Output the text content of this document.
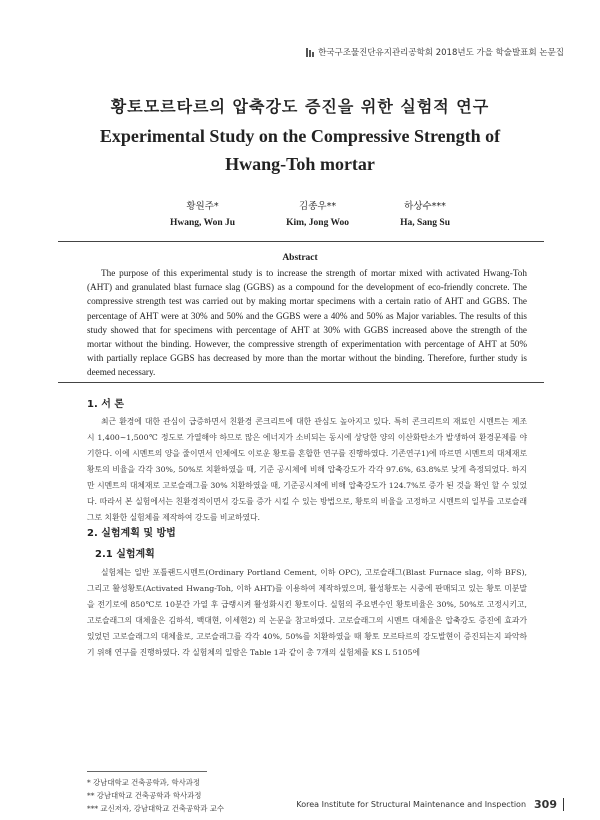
한국구조물진단유지관리공학회 2018년도 가을 학술발표회 논문집
황토모르타르의 압축강도 증진을 위한 실험적 연구
Experimental Study on the Compressive Strength of
Hwang-Toh mortar
황원주*
Hwang, Won Ju
김종우**
Kim, Jong Woo
하상수***
Ha, Sang Su
Abstract

The purpose of this experimental study is to increase the strength of mortar mixed with activated Hwang-Toh (AHT) and granulated blast furnace slag (GGBS) as a compound for the development of eco-friendly concrete. The compressive strength test was carried out by making mortar specimens with a certain ratio of AHT and GGBS. The percentage of AHT were at 30% and 50% and the GGBS were a 40% and 50% as Major variables. The results of this study showed that for specimens with percentage of AHT at 30% with GGBS increased above the strength of the mortar without the binding. However, the compressive strength of experimentation with percentage of AHT at 50% with partially replace GGBS has decreased by more than the mortar without the binding. Therefore, further study is deemed necessary.

1. 서 론

최근 환경에 대한 관심이 급증하면서 친환경 콘크리트에 대한 관심도 높아지고 있다. 특히 콘크리트의 재료인 시멘트는 제조 시 1,400~1,500℃ 정도로 가열해야 하므로 많은 에너지가 소비되는 동시에 상당한 양의 이산화탄소가 발생하여 환경문제를 야기한다. 이에 시멘트의 양을 줄이면서 인체에도 이로운 황토를 혼합한 연구를 진행하였다. 기존연구1)에 따르면 시멘트의 대체재로 황토의 비율을 각각 30%, 50%로 치환하였을 때, 기준 공시체에 비해 압축강도가 각각 97.6%, 63.8%로 낮게 측정되었다. 하지만 시멘트의 대체재로 고로슬래그를 30% 치환하였을 때, 기준공시체에 비해 압축강도가 124.7%로 증가 된 것을 확인 할 수 있었다. 따라서 본 실험에서는 친환경적이면서 강도를 증가 시킬 수 있는 방법으로, 황토의 비율을 고정하고 시멘트의 일부를 고로슬래그로 치환한 실험체를 제작하여 강도를 비교하였다.

2. 실험계획 및 방법
2.1 실험계획

실험체는 일반 포틀랜드시멘트(Ordinary Portland Cement, 이하 OPC), 고로슬래그(Blast Furnace slag, 이하 BFS), 그리고 활성황토(Activated Hwang-Toh, 이하 AHT)를 이용하여 제작하였으며, 활성황토는 시중에 판매되고 있는 황토 미분말을 전기로에 850℃로 10분간 가열 후 급랭시켜 활성화시킨 황토이다. 실험의 주요변수인 황토비율은 30%, 50%로 고정시키고, 고로슬래그의 대체율은 김하석, 백대현, 이세현2) 의 논문을 참고하였다. 고로슬래그의 시멘트 대체율은 압축강도 증진에 효과가 있었던 고로슬래그의 대체율로, 고로슬래그를 각각 40%, 50%를 치환하였을 때 황토 모르타르의 강도발현이 증진되는지 파악하기 위해 연구를 진행하였다. 각 실험체의 일람은 Table 1과 같이 총 7개의 실험체를 KS L 5105에

* 강남대학교 건축공학과, 학사과정
** 강남대학교 건축공학과 학사과정
*** 교신저자, 강남대학교 건축공학과 교수	Korea Institute for Structural Maintenance and Inspection 309
